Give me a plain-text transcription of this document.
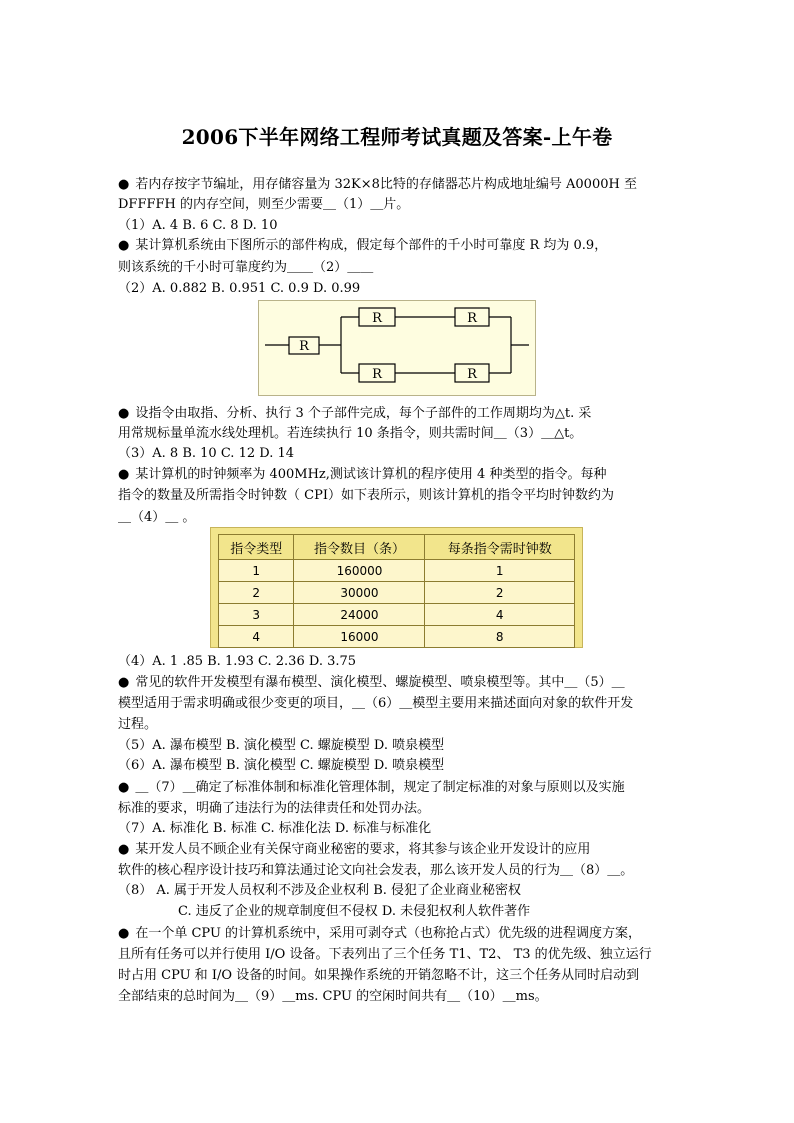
2006下半年网络工程师考试真题及答案-上午卷
● 若内存按字节编址，用存储容量为 32K×8比特的存储器芯片构成地址编号 A0000H 至
DFFFFH 的内存空间，则至少需要＿（1）＿片。
（1）A. 4 B. 6 C. 8 D. 10
● 某计算机系统由下图所示的部件构成，假定每个部件的千小时可靠度 R 均为 0.9，
则该系统的千小时可靠度约为＿＿（2）＿＿
（2）A. 0.882 B. 0.951 C. 0.9 D. 0.99
R
R	R
R	R
● 设指令由取指、分析、执行 3 个子部件完成，每个子部件的工作周期均为△t. 采
用常规标量单流水线处理机。若连续执行 10 条指令，则共需时间＿（3）＿△t。
（3）A. 8 B. 10 C. 12 D. 14
● 某计算机的时钟频率为 400MHz,测试该计算机的程序使用 4 种类型的指令。每种
指令的数量及所需指令时钟数（ CPI）如下表所示，则该计算机的指令平均时钟数约为
＿（4）＿ 。
指令类型	指令数目（条）	每条指令需时钟数
1	160000	1
2	30000	2
3	24000	4
4	16000	8
（4）A. 1 .85 B. 1.93 C. 2.36 D. 3.75
● 常见的软件开发模型有瀑布模型、演化模型、螺旋模型、喷泉模型等。其中＿（5）＿
模型适用于需求明确或很少变更的项目，＿（6）＿模型主要用来描述面向对象的软件开发
过程。
（5）A. 瀑布模型 B. 演化模型 C. 螺旋模型 D. 喷泉模型
（6）A. 瀑布模型 B. 演化模型 C. 螺旋模型 D. 喷泉模型
● ＿（7）＿确定了标准体制和标准化管理体制，规定了制定标准的对象与原则以及实施
标准的要求，明确了违法行为的法律责任和处罚办法。
（7）A. 标准化 B. 标准 C. 标准化法 D. 标准与标准化
● 某开发人员不顾企业有关保守商业秘密的要求，将其参与该企业开发设计的应用
软件的核心程序设计技巧和算法通过论文向社会发表，那么该开发人员的行为＿（8）＿。
（8） A. 属于开发人员权利不涉及企业权利 B. 侵犯了企业商业秘密权
C. 违反了企业的规章制度但不侵权 D. 未侵犯权利人软件著作
● 在一个单 CPU 的计算机系统中，采用可剥夺式（也称抢占式）优先级的进程调度方案，
且所有任务可以并行使用 I/O 设备。下表列出了三个任务 T1、T2、 T3 的优先级、独立运行
时占用 CPU 和 I/O 设备的时间。如果操作系统的开销忽略不计，这三个任务从同时启动到
全部结束的总时间为＿（9）＿ms. CPU 的空闲时间共有＿（10）＿ms。
